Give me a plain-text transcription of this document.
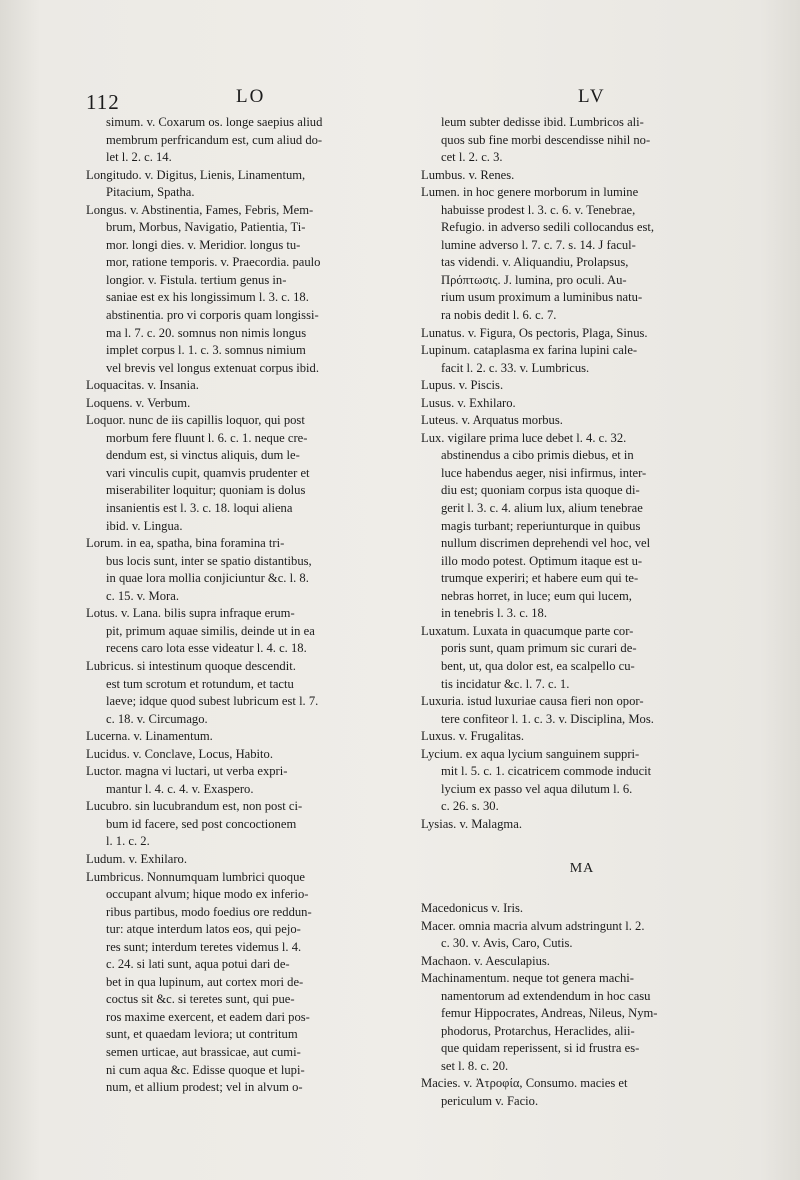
112	LO	LV
simum. v. Coxarum os. longe saepius aliud
membrum perfricandum est, cum aliud do-
let l. 2. c. 14.
Longitudo. v. Digitus, Lienis, Linamentum,
Pitacium, Spatha.
Longus. v. Abstinentia, Fames, Febris, Mem-
brum, Morbus, Navigatio, Patientia, Ti-
mor. longi dies. v. Meridior. longus tu-
mor, ratione temporis. v. Praecordia. paulo
longior. v. Fistula. tertium genus in-
saniae est ex his longissimum l. 3. c. 18.
abstinentia. pro vi corporis quam longissi-
ma l. 7. c. 20. somnus non nimis longus
implet corpus l. 1. c. 3. somnus nimium
vel brevis vel longus extenuat corpus ibid.
Loquacitas. v. Insania.
Loquens. v. Verbum.
Loquor. nunc de iis capillis loquor, qui post
morbum fere fluunt l. 6. c. 1. neque cre-
dendum est, si vinctus aliquis, dum le-
vari vinculis cupit, quamvis prudenter et
miserabiliter loquitur; quoniam is dolus
insanientis est l. 3. c. 18. loqui aliena
ibid. v. Lingua.
Lorum. in ea, spatha, bina foramina tri-
bus locis sunt, inter se spatio distantibus,
in quae lora mollia conjiciuntur &c. l. 8.
c. 15. v. Mora.
Lotus. v. Lana. bilis supra infraque erum-
pit, primum aquae similis, deinde ut in ea
recens caro lota esse videatur l. 4. c. 18.
Lubricus. si intestinum quoque descendit.
est tum scrotum et rotundum, et tactu
laeve; idque quod subest lubricum est l. 7.
c. 18. v. Circumago.
Lucerna. v. Linamentum.
Lucidus. v. Conclave, Locus, Habito.
Luctor. magna vi luctari, ut verba expri-
mantur l. 4. c. 4. v. Exaspero.
Lucubro. sin lucubrandum est, non post ci-
bum id facere, sed post concoctionem
l. 1. c. 2.
Ludum. v. Exhilaro.
Lumbricus. Nonnumquam lumbrici quoque
occupant alvum; hique modo ex inferio-
ribus partibus, modo foedius ore reddun-
tur: atque interdum latos eos, qui pejo-
res sunt; interdum teretes videmus l. 4.
c. 24. si lati sunt, aqua potui dari de-
bet in qua lupinum, aut cortex mori de-
coctus sit &c. si teretes sunt, qui pue-
ros maxime exercent, et eadem dari pos-
sunt, et quaedam leviora; ut contritum
semen urticae, aut brassicae, aut cumi-
ni cum aqua &c. Edisse quoque et lupi-
num, et allium prodest; vel in alvum o-
leum subter dedisse ibid. Lumbricos ali-
quos sub fine morbi descendisse nihil no-
cet l. 2. c. 3.
Lumbus. v. Renes.
Lumen. in hoc genere morborum in lumine
habuisse prodest l. 3. c. 6. v. Tenebrae,
Refugio. in adverso sedili collocandus est,
lumine adverso l. 7. c. 7. s. 14. J facul-
tas videndi. v. Aliquandiu, Prolapsus,
Πρόπτωσις. J. lumina, pro oculi. Au-
rium usum proximum a luminibus natu-
ra nobis dedit l. 6. c. 7.
Lunatus. v. Figura, Os pectoris, Plaga, Sinus.
Lupinum. cataplasma ex farina lupini cale-
facit l. 2. c. 33. v. Lumbricus.
Lupus. v. Piscis.
Lusus. v. Exhilaro.
Luteus. v. Arquatus morbus.
Lux. vigilare prima luce debet l. 4. c. 32.
abstinendus a cibo primis diebus, et in
luce habendus aeger, nisi infirmus, inter-
diu est; quoniam corpus ista quoque di-
gerit l. 3. c. 4. alium lux, alium tenebrae
magis turbant; reperiunturque in quibus
nullum discrimen deprehendi vel hoc, vel
illo modo potest. Optimum itaque est u-
trumque experiri; et habere eum qui te-
nebras horret, in luce; eum qui lucem,
in tenebris l. 3. c. 18.
Luxatum. Luxata in quacumque parte cor-
poris sunt, quam primum sic curari de-
bent, ut, qua dolor est, ea scalpello cu-
tis incidatur &c. l. 7. c. 1.
Luxuria. istud luxuriae causa fieri non opor-
tere confiteor l. 1. c. 3. v. Disciplina, Mos.
Luxus. v. Frugalitas.
Lycium. ex aqua lycium sanguinem suppri-
mit l. 5. c. 1. cicatricem commode inducit
lycium ex passo vel aqua dilutum l. 6.
c. 26. s. 30.
Lysias. v. Malagma.
MA
Macedonicus v. Iris.
Macer. omnia macria alvum adstringunt l. 2.
c. 30. v. Avis, Caro, Cutis.
Machaon. v. Aesculapius.
Machinamentum. neque tot genera machi-
namentorum ad extendendum in hoc casu
femur Hippocrates, Andreas, Nileus, Nym-
phodorus, Protarchus, Heraclides, alii-
que quidam reperissent, si id frustra es-
set l. 8. c. 20.
Macies. v. Ἀτροφία, Consumo. macies et
periculum v. Facio.
